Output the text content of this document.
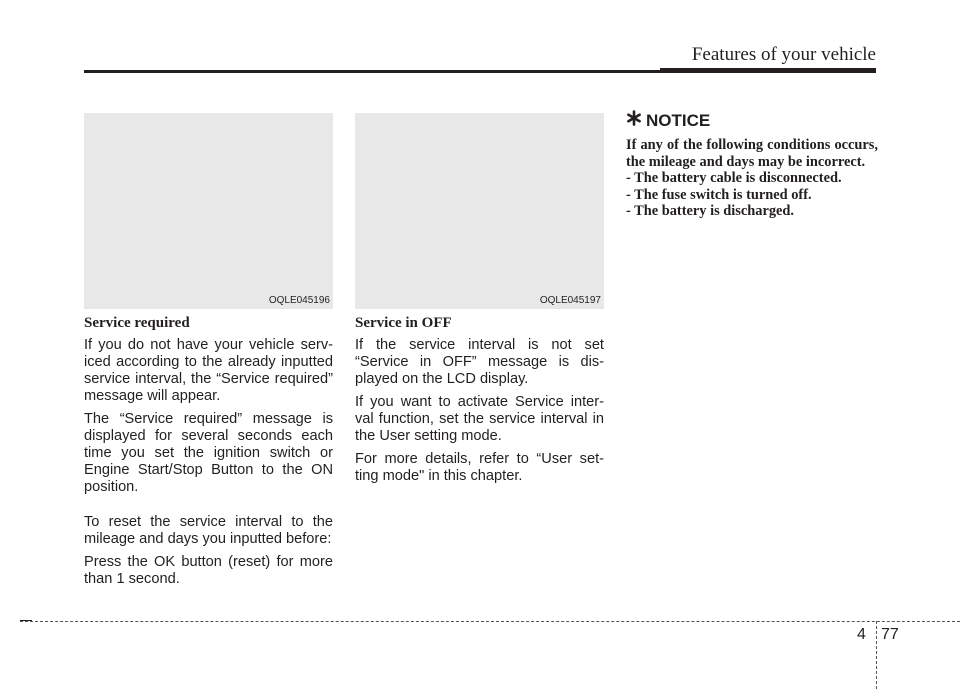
Features of your vehicle
OQLE045196	OQLE045197
Service required

If you do not have your vehicle serv-iced according to the already inputted service interval, the “Service required” message will appear.

The “Service required” message is displayed for several seconds each time you set the ignition switch or Engine Start/Stop Button to the ON position.

To reset the service interval to the mileage and days you inputted before:

Press the OK button (reset) for more than 1 second.

Service in OFF

If the service interval is not set “Service in OFF” message is dis-played on the LCD display.

If you want to activate Service inter-val function, set the service interval in the User setting mode.

For more details, refer to “User set-ting mode" in this chapter.

NOTICE

If any of the following conditions occurs, the mileage and days may be incorrect.

- The battery cable is disconnected.

- The fuse switch is turned off.

- The battery is discharged.

4 77
